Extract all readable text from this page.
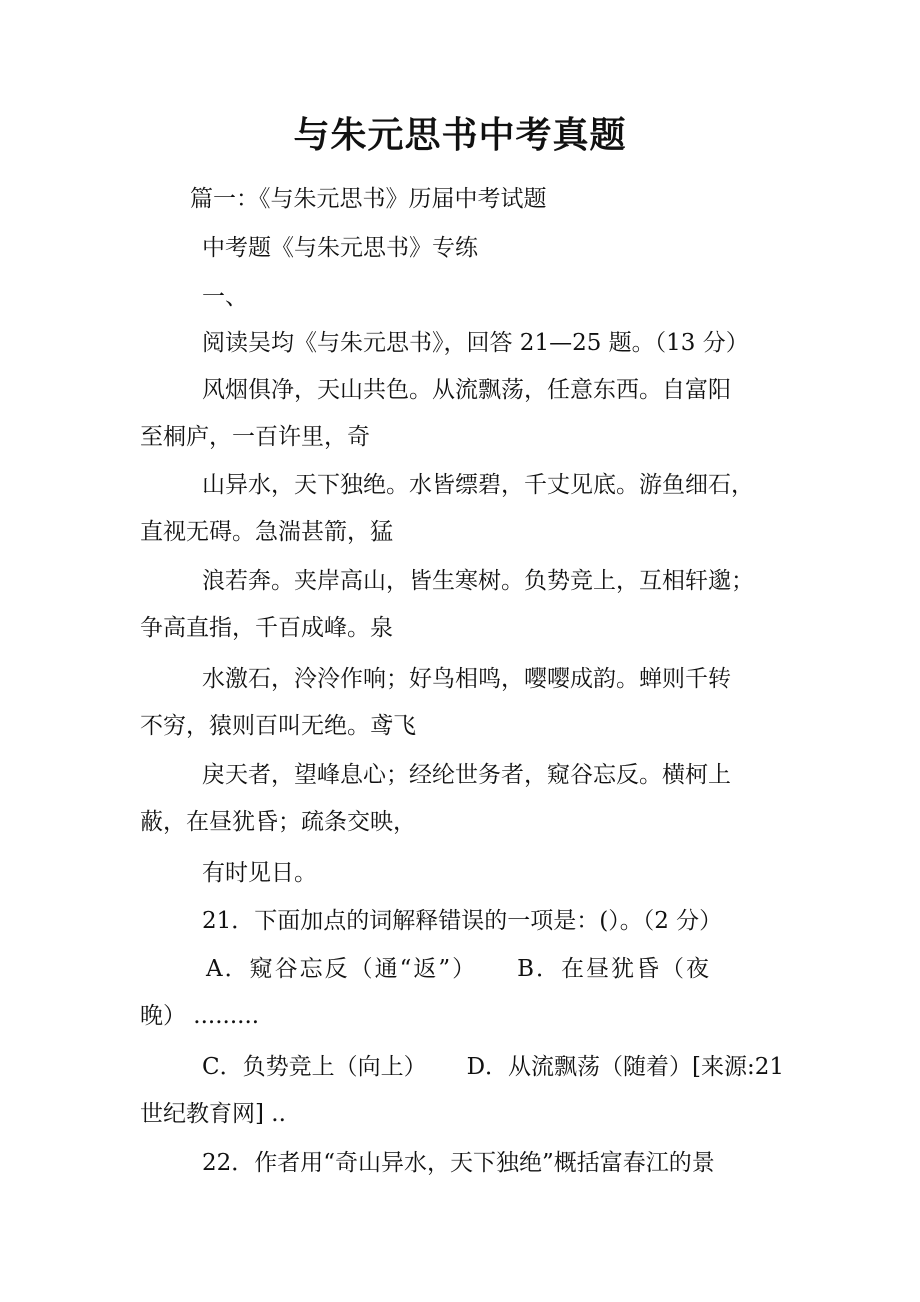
与朱元思书中考真题
篇一：《与朱元思书》历届中考试题
中考题《与朱元思书》专练
一、
阅读吴均《与朱元思书》，回答 21—25 题。（13 分）
风烟俱净，天山共色。从流飘荡，任意东西。自富阳
至桐庐，一百许里，奇
山异水，天下独绝。水皆缥碧，千丈见底。游鱼细石，
直视无碍。急湍甚箭，猛
浪若奔。夹岸高山，皆生寒树。负势竞上，互相轩邈；
争高直指，千百成峰。泉
水激石，泠泠作响；好鸟相鸣，嘤嘤成韵。蝉则千转
不穷，猿则百叫无绝。鸢飞
戾天者，望峰息心；经纶世务者，窥谷忘反。横柯上
蔽，在昼犹昏；疏条交映，
有时见日。
21．下面加点的词解释错误的一项是：(）。（2 分）
A．窥谷忘反（通“返”） B．在昼犹昏（夜
晚） .........
C．负势竞上（向上） D．从流飘荡（随着）[来源:21
世纪教育网] ..
22．作者用“奇山异水，天下独绝”概括富春江的景
